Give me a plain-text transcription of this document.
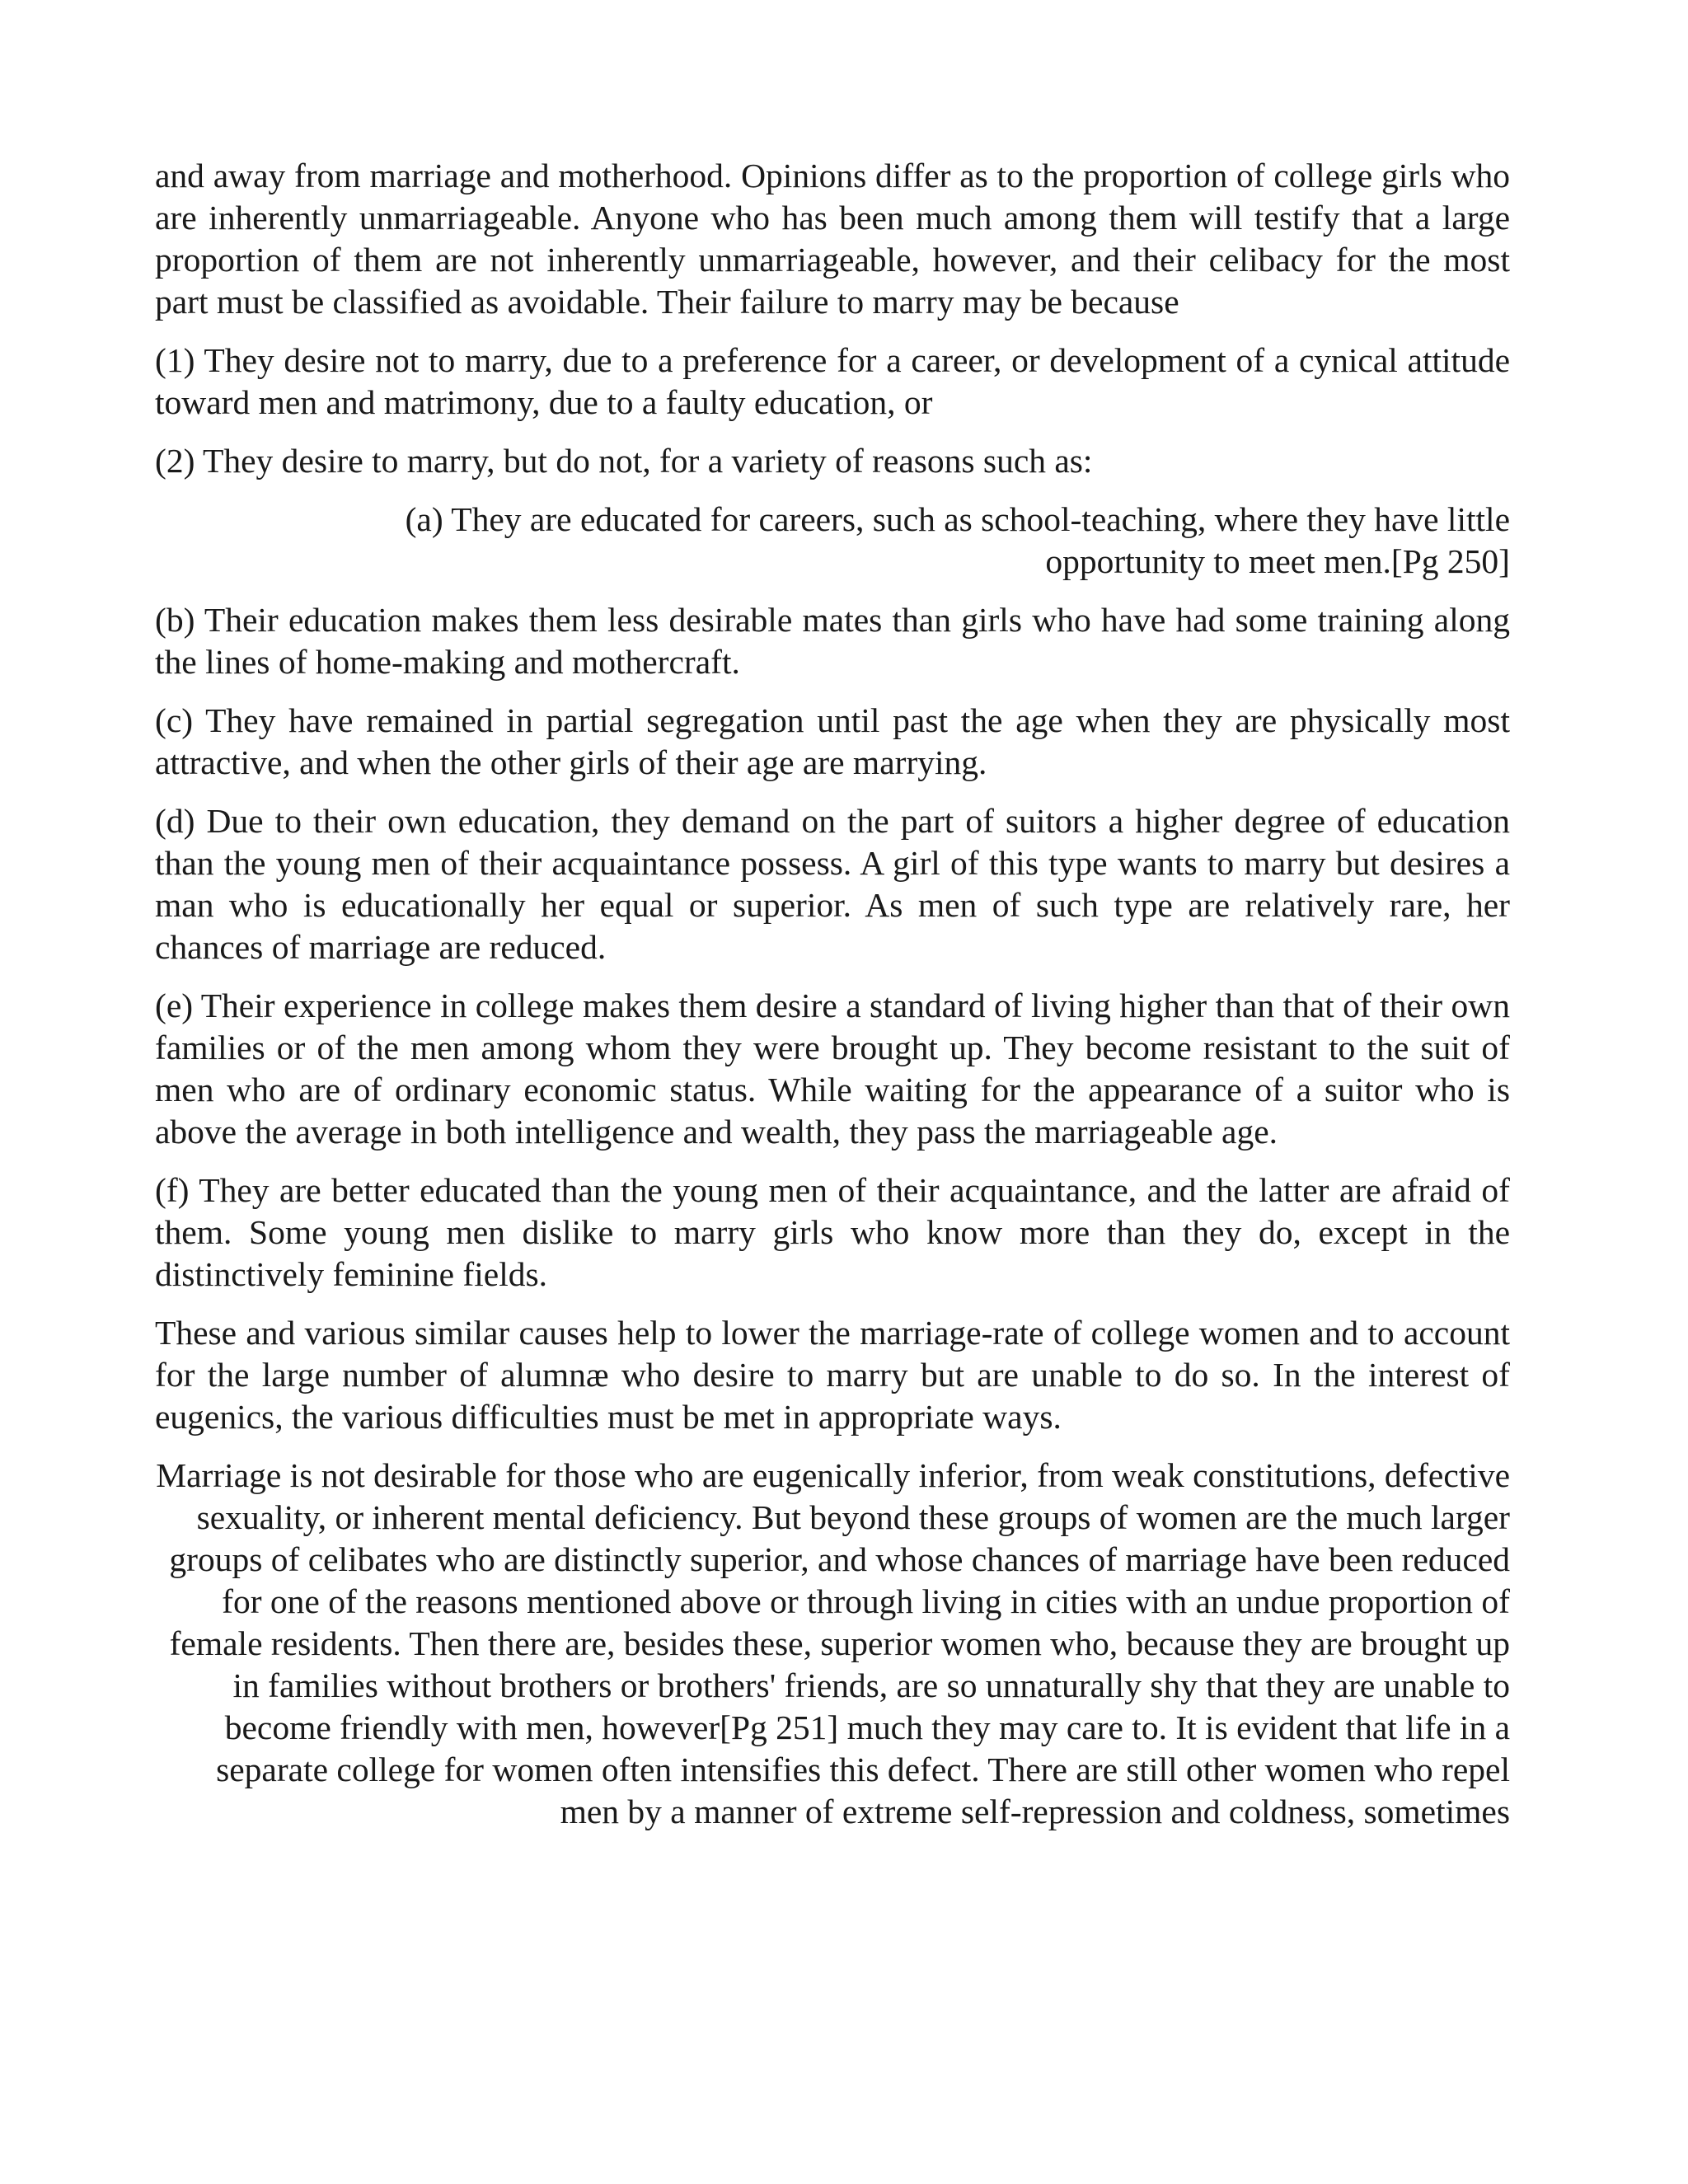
and away from marriage and motherhood. Opinions differ as to the proportion of college girls who are inherently unmarriageable. Anyone who has been much among them will testify that a large proportion of them are not inherently unmarriageable, however, and their celibacy for the most part must be classified as avoidable. Their failure to marry may be because

(1) They desire not to marry, due to a preference for a career, or development of a cynical attitude toward men and matrimony, due to a faulty education, or

(2) They desire to marry, but do not, for a variety of reasons such as:

(a) They are educated for careers, such as school-teaching, where they have little opportunity to meet men.[Pg 250]

(b) Their education makes them less desirable mates than girls who have had some training along the lines of home-making and mothercraft.

(c) They have remained in partial segregation until past the age when they are physically most attractive, and when the other girls of their age are marrying.

(d) Due to their own education, they demand on the part of suitors a higher degree of education than the young men of their acquaintance possess. A girl of this type wants to marry but desires a man who is educationally her equal or superior. As men of such type are relatively rare, her chances of marriage are reduced.

(e) Their experience in college makes them desire a standard of living higher than that of their own families or of the men among whom they were brought up. They become resistant to the suit of men who are of ordinary economic status. While waiting for the appearance of a suitor who is above the average in both intelligence and wealth, they pass the marriageable age.

(f) They are better educated than the young men of their acquaintance, and the latter are afraid of them. Some young men dislike to marry girls who know more than they do, except in the distinctively feminine fields.

These and various similar causes help to lower the marriage-rate of college women and to account for the large number of alumnæ who desire to marry but are unable to do so. In the interest of eugenics, the various difficulties must be met in appropriate ways.

Marriage is not desirable for those who are eugenically inferior, from weak constitutions, defective sexuality, or inherent mental deficiency. But beyond these groups of women are the much larger groups of celibates who are distinctly superior, and whose chances of marriage have been reduced for one of the reasons mentioned above or through living in cities with an undue proportion of female residents. Then there are, besides these, superior women who, because they are brought up in families without brothers or brothers' friends, are so unnaturally shy that they are unable to become friendly with men, however[Pg 251] much they may care to. It is evident that life in a separate college for women often intensifies this defect. There are still other women who repel men by a manner of extreme self-repression and coldness, sometimes
